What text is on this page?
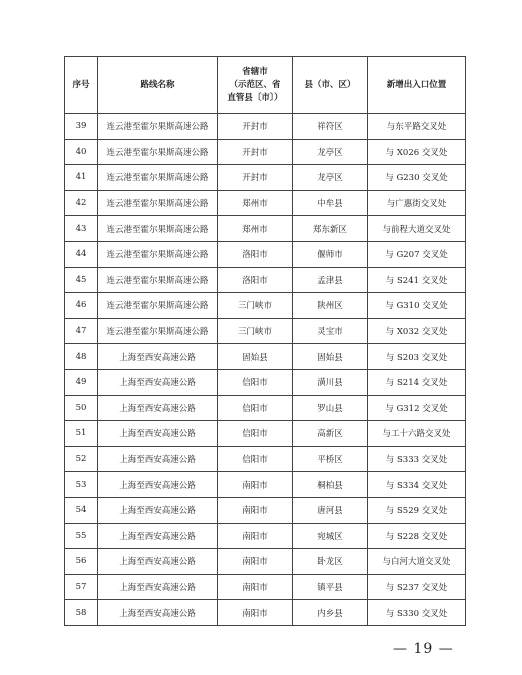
序号	路线名称	省辖市
（示范区、省
直管县〔市〕）	县（市、区）	新增出入口位置
39	连云港至霍尔果斯高速公路	开封市	祥符区	与东平路交叉处
40	连云港至霍尔果斯高速公路	开封市	龙亭区	与 X026 交叉处
41	连云港至霍尔果斯高速公路	开封市	龙亭区	与 G230 交叉处
42	连云港至霍尔果斯高速公路	郑州市	中牟县	与广惠街交叉处
43	连云港至霍尔果斯高速公路	郑州市	郑东新区	与前程大道交叉处
44	连云港至霍尔果斯高速公路	洛阳市	偃师市	与 G207 交叉处
45	连云港至霍尔果斯高速公路	洛阳市	孟津县	与 S241 交叉处
46	连云港至霍尔果斯高速公路	三门峡市	陕州区	与 G310 交叉处
47	连云港至霍尔果斯高速公路	三门峡市	灵宝市	与 X032 交叉处
48	上海至西安高速公路	固始县	固始县	与 S203 交叉处
49	上海至西安高速公路	信阳市	潢川县	与 S214 交叉处
50	上海至西安高速公路	信阳市	罗山县	与 G312 交叉处
51	上海至西安高速公路	信阳市	高新区	与工十六路交叉处
52	上海至西安高速公路	信阳市	平桥区	与 S333 交叉处
53	上海至西安高速公路	南阳市	桐柏县	与 S334 交叉处
54	上海至西安高速公路	南阳市	唐河县	与 S529 交叉处
55	上海至西安高速公路	南阳市	宛城区	与 S228 交叉处
56	上海至西安高速公路	南阳市	卧龙区	与白河大道交叉处
57	上海至西安高速公路	南阳市	镇平县	与 S237 交叉处
58	上海至西安高速公路	南阳市	内乡县	与 S330 交叉处
— 19 —
